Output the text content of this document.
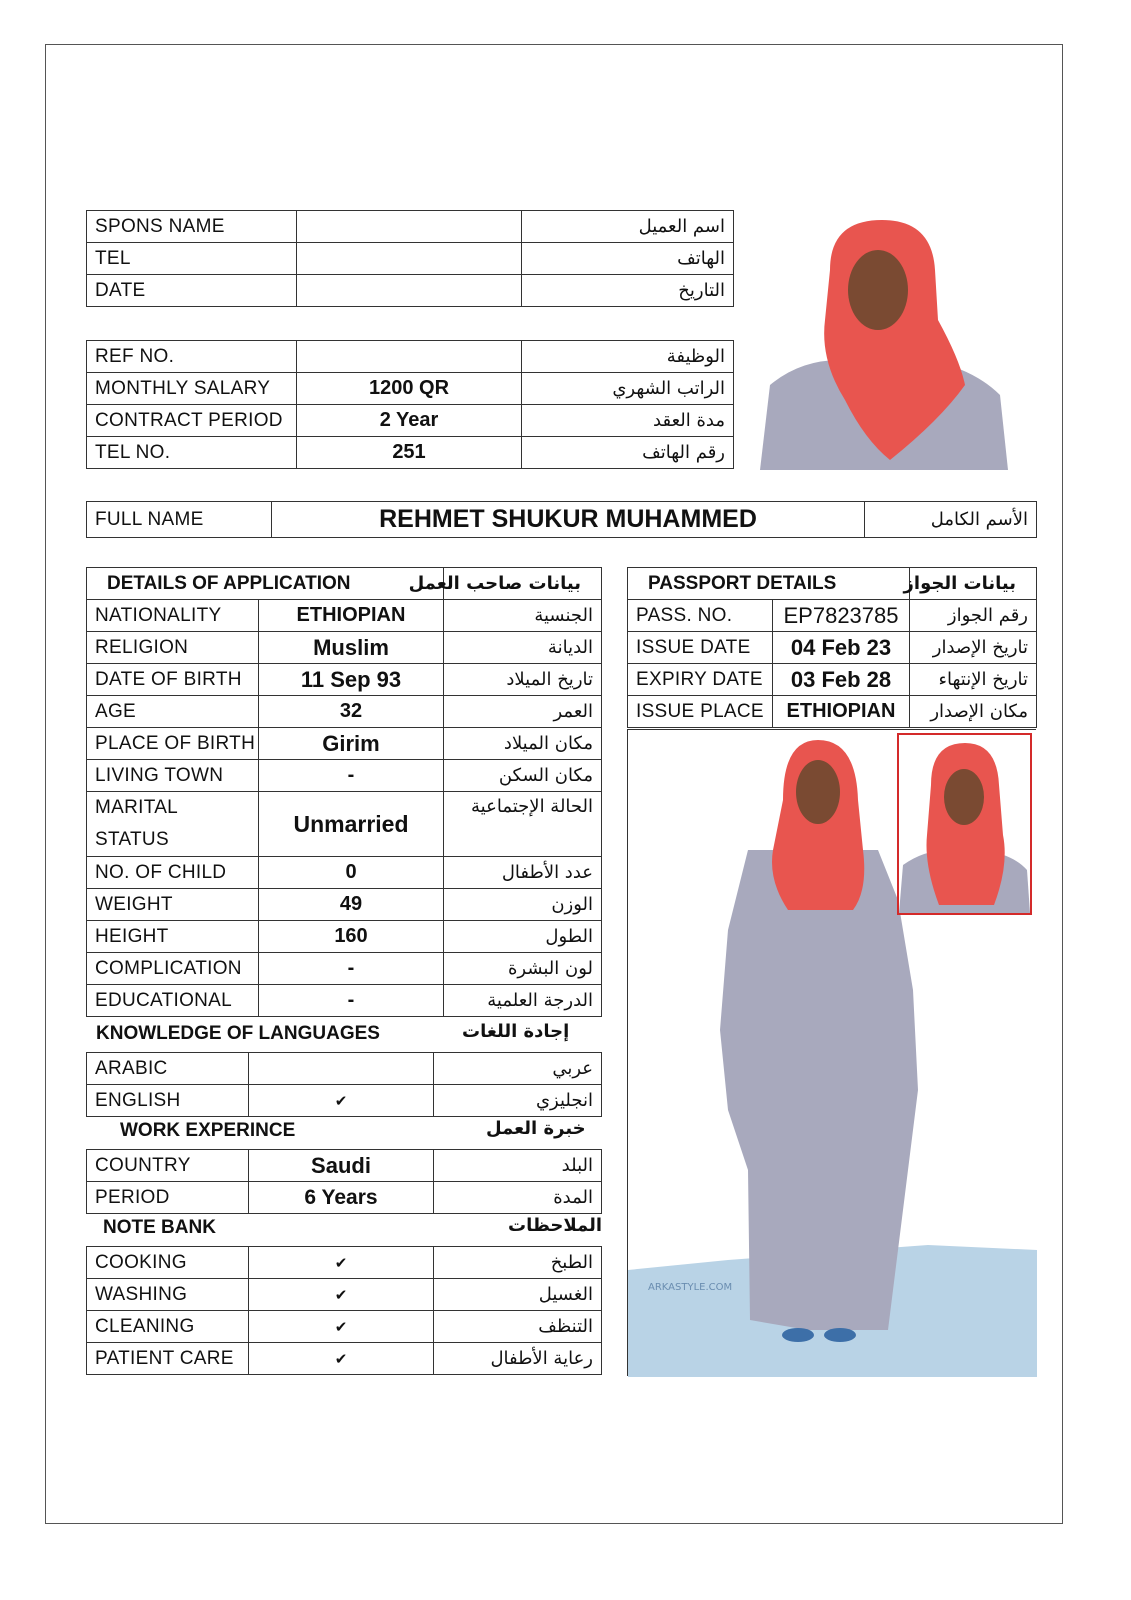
SPONS NAME		اسم العميل
TEL		الهاتف
DATE		التاريخ
REF NO.		الوظيفة
MONTHLY SALARY	1200 QR	الراتب الشهري
CONTRACT PERIOD	2 Year	مدة العقد
TEL NO.	251	رقم الهاتف
FULL NAME	REHMET SHUKUR MUHAMMED	الأسم الكامل
DETAILS OF APPLICATION		بيانات صاحب العمل
NATIONALITY	ETHIOPIAN	الجنسية
RELIGION	Muslim	الديانة
DATE OF BIRTH	11 Sep 93	تاريخ الميلاد
AGE	32	العمر
PLACE OF BIRTH	Girim	مكان الميلاد
LIVING TOWN	-	مكان السكن

MARITAL
STATUS	Unmarried	الحالة الإجتماعية
NO. OF CHILD	0	عدد الأطفال
WEIGHT	49	الوزن
HEIGHT	160	الطول
COMPLICATION	-	لون البشرة
EDUCATIONAL	-	الدرجة العلمية
KNOWLEDGE OF LANGUAGES	إجادة اللغات
ARABIC		عربي
ENGLISH	✔	انجليزي
WORK EXPERINCE	خبرة العمل
COUNTRY	Saudi	البلد
PERIOD	6 Years	المدة
NOTE BANK	الملاحظات
COOKING	✔	الطبخ
WASHING	✔	الغسيل
CLEANING	✔	التنظف
PATIENT CARE	✔	رعاية الأطفال
PASSPORT DETAILS		بيانات الجواز
PASS. NO.	EP7823785	رقم الجواز
ISSUE DATE	04 Feb 23	تاريخ الإصدار
EXPIRY DATE	03 Feb 28	تاريخ الإنتهاء
ISSUE PLACE	ETHIOPIAN	مكان الإصدار
ARKASTYLE.COM
